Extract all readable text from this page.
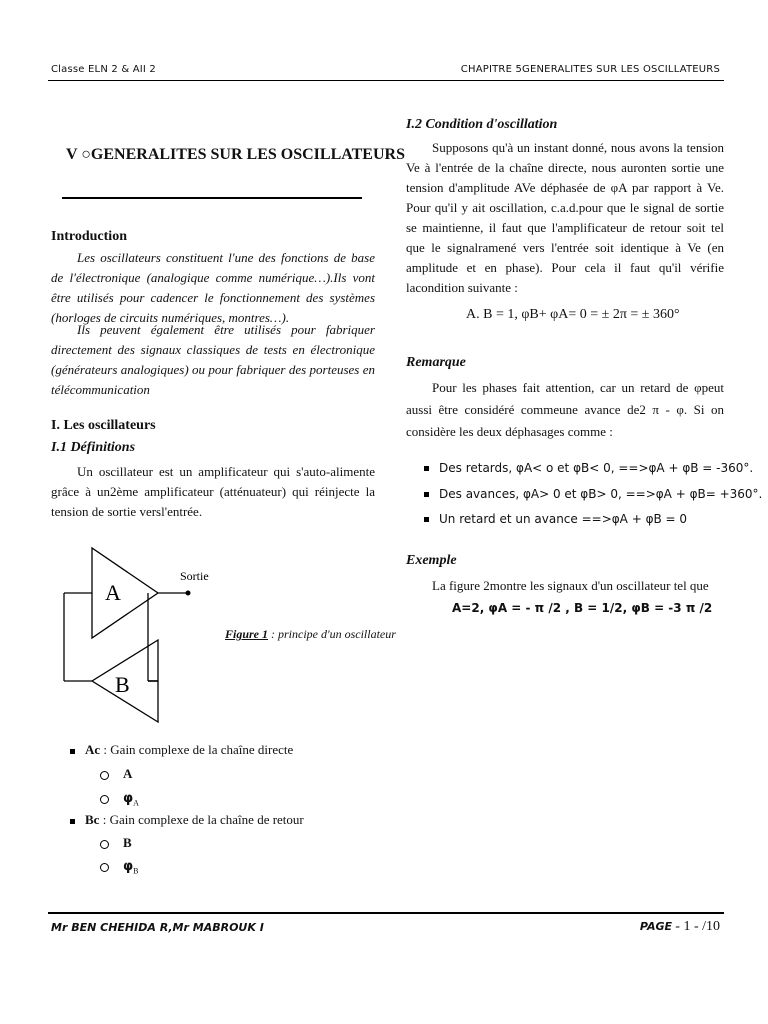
Classe ELN 2 & AII 2	CHAPITRE 5GENERALITES SUR LES OSCILLATEURS
V ○GENERALITES SUR LES OSCILLATEURS
Introduction
Les oscillateurs constituent l'une des fonctions de base de l'électronique (analogique comme numérique…).Ils vont être utilisés pour cadencer le fonctionnement des systèmes (horloges de circuits numériques, montres…).
Ils peuvent également être utilisés pour fabriquer directement des signaux classiques de tests en électronique (générateurs analogiques) ou pour fabriquer des porteuses en télécommunication
I. Les oscillateurs
I.1 Définitions
Un oscillateur est un amplificateur qui s'auto-alimente grâce à un2ème amplificateur (atténuateur) qui réinjecte la tension de sortie versl'entrée.
A
B
Sortie
Figure 1 : principe d'un oscillateur
Ac : Gain complexe de la chaîne directe
A
$\varphi_A$
Bc : Gain complexe de la chaîne de retour
B
$\varphi_B$
I.2 Condition d'oscillation
Supposons qu'à un instant donné, nous avons la tension Ve à l'entrée de la chaîne directe, nous auronten sortie une tension d'amplitude AVe déphasée de φA par rapport à Ve. Pour qu'il y ait oscillation, c.a.d.pour que le signal de sortie se maintienne, il faut que l'amplificateur de retour soit tel que le signalramené vers l'entrée soit identique à Ve (en amplitude et en phase). Pour cela il faut qu'il vérifie lacondition suivante :
A. B = 1, φB+ φA= 0 = ± 2π = ± 360°
Remarque
Pour les phases fait attention, car un retard de φpeut aussi être considéré commeune avance de2 π - φ. Si on considère les deux déphasages comme :
Des retards, φA< o et φB< 0, ==>φA + φB = -360°.
Des avances, φA> 0 et φB> 0, ==>φA + φB= +360°.
Un retard et un avance ==>φA + φB = 0
Exemple
La figure 2montre les signaux d'un oscillateur tel que
A=2, φA = - π /2 , B = 1/2, φB = -3 π /2
Mr BEN CHEHIDA R,Mr MABROUK I	PAGE - 1 - /10
